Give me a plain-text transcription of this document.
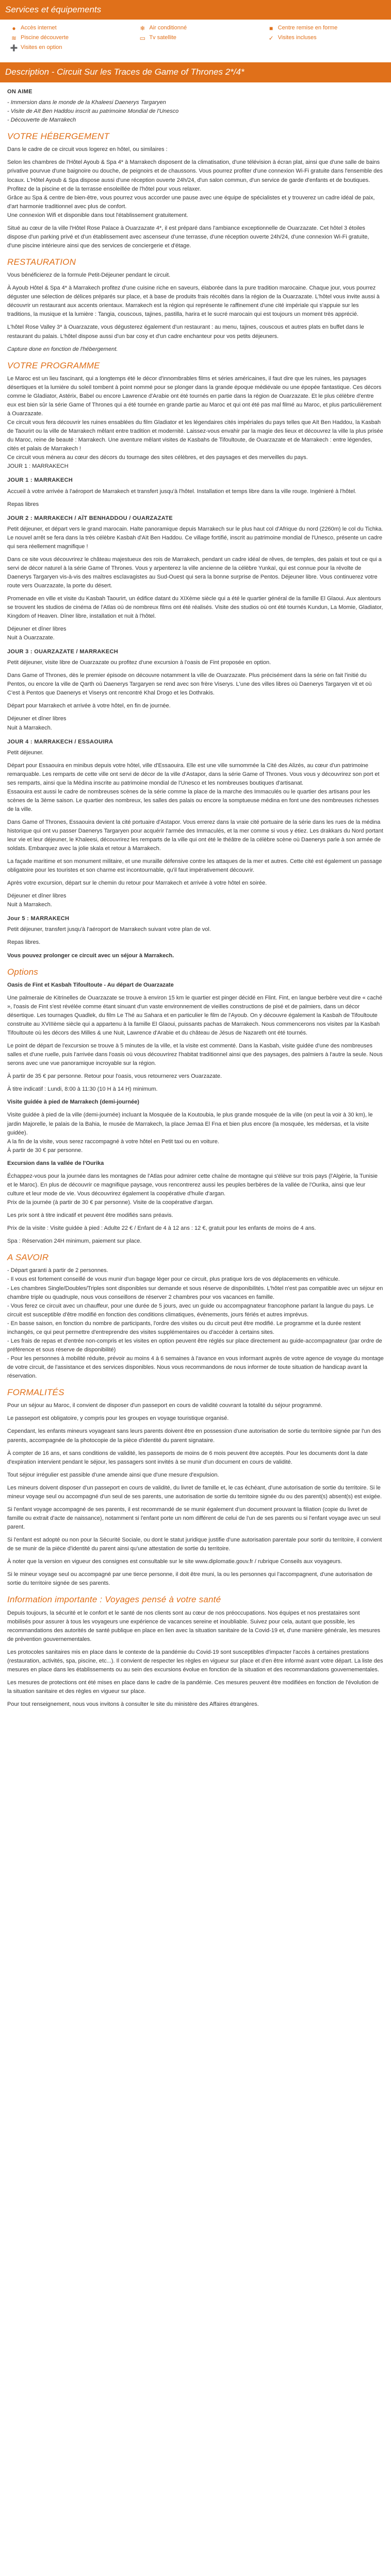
Services et équipements
● Accès internet	❄ Air conditionné	■ Centre remise en forme
≋ Piscine découverte	▭ Tv satellite	✓ Visites incluses
➕ Visites en option
Description - Circuit Sur les Traces de Game of Thrones 2*/4*
ON AIME
- Immersion dans le monde de la Khaleesi Daenerys Targaryen
- Visite de Aït Ben Haddou inscrit au patrimoine Mondial de l'Unesco
- Découverte de Marrakech
VOTRE HÉBERGEMENT

Dans le cadre de ce circuit vous logerez en hôtel, ou similaires :

Selon les chambres de l'Hôtel Ayoub & Spa 4* à Marrakech disposent de la climatisation, d'une télévision à écran plat, ainsi que d'une salle de bains privative pourvue d'une baignoire ou douche, de peignoirs et de chaussons. Vous pourrez profiter d'une connexion Wi-Fi gratuite dans l'ensemble des locaux. L'Hôtel Ayoub & Spa dispose aussi d'une réception ouverte 24h/24, d'un salon commun, d'un service de garde d'enfants et de boutiques.
Profitez de la piscine et de la terrasse ensoleillée de l'hôtel pour vous relaxer.
Grâce au Spa & centre de bien-être, vous pourrez vous accorder une pause avec une équipe de spécialistes et y trouverez un cadre idéal de paix, d'art harmonie traditionnel avec plus de confort.
Une connexion Wifi et disponible dans tout l'établissement gratuitement.

Situé au cœur de la ville l'Hôtel Rose Palace à Ouarzazate 4*, il est préparé dans l'ambiance exceptionnelle de Ouarzazate. Cet hôtel 3 étoiles dispose d'un parking privé et d'un établissement avec ascenseur d'une terrasse, d'une réception ouverte 24h/24, d'une connexion Wi-Fi gratuite, d'une piscine intérieure ainsi que des services de conciergerie et d'étage.

RESTAURATION

Vous bénéficierez de la formule Petit-Déjeuner pendant le circuit.

À Ayoub Hôtel & Spa 4* à Marrakech profitez d'une cuisine riche en saveurs, élaborée dans la pure tradition marocaine. Chaque jour, vous pourrez déguster une sélection de délices préparés sur place, et à base de produits frais récoltés dans la région de la Ouarzazate. L'hôtel vous invite aussi à découvrir un restaurant aux accents orientaux. Marrakech est la région qui représente le raffinement d'une cité impériale qui s'appuie sur les traditions, la musique et la lumière : Tangia, couscous, tajines, pastilla, harira et le sucré marocain qui est toujours un moment très apprécié.

L'hôtel Rose Valley 3* à Ouarzazate, vous dégusterez également d'un restaurant : au menu, tajines, couscous et autres plats en buffet dans le restaurant du palais. L'hôtel dispose aussi d'un bar cosy et d'un cadre enchanteur pour vos petits déjeuners.

Capture done en fonction de l'hébergement.

VOTRE PROGRAMME

Le Maroc est un lieu fascinant, qui a longtemps été le décor d'innombrables films et séries américaines, il faut dire que les ruines, les paysages désertiques et la lumière du soleil tombent à point nommé pour se plonger dans la grande époque médiévale ou une épopée fantastique. Ces décors comme le Gladiator, Astérix, Babel ou encore Lawrence d'Arabie ont été tournés en partie dans la région de Ouarzazate. Et le plus célèbre d'entre eux est bien sûr la série Game of Thrones qui a été tournée en grande partie au Maroc et qui ont été pas mal filmé au Maroc, et plus particulièrement à Ouarzazate.
Ce circuit vous fera découvrir les ruines ensablées du film Gladiator et les légendaires cités impériales du pays telles que Aït Ben Haddou, la Kasbah de Taourirt ou la ville de Marrakech mêlant entre tradition et modernité. Laissez-vous envahir par la magie des lieux et découvrez la ville la plus prisée du Maroc, reine de beauté : Marrakech. Une aventure mêlant visites de Kasbahs de Tifoultoute, de Ouarzazate et de Marrakech : entre légendes, cités et palais de Marrakech !
Ce circuit vous mènera au cœur des décors du tournage des sites célèbres, et des paysages et des merveilles du pays.
JOUR 1 : MARRAKECH

JOUR 1 : MARRAKECH

Accueil à votre arrivée à l'aéroport de Marrakech et transfert jusqu'à l'hôtel. Installation et temps libre dans la ville rouge. Ingénieré à l'hôtel.

Repas libres

JOUR 2 : MARRAKECH / AÏT BENHADDOU / OUARZAZATE

Petit déjeuner, et départ vers le grand marocain. Halte panoramique depuis Marrakech sur le plus haut col d'Afrique du nord (2260m) le col du Tichka. Le nouvel arrêt se fera dans la très célèbre Kasbah d'Aït Ben Haddou. Ce village fortifié, inscrit au patrimoine mondial de l'Unesco, présente un cadre qui sera réellement magnifique !

Dans ce site vous découvrirez le château majestueux des rois de Marrakech, pendant un cadre idéal de rêves, de temples, des palais et tout ce qui a servi de décor naturel à la série Game of Thrones. Vous y arpenterez la ville ancienne de la célèbre Yunkaï, qui est connue pour la révolte de Daenerys Targaryen vis-à-vis des maîtres esclavagistes au Sud-Ouest qui sera la bonne surprise de Pentos. Déjeuner libre. Vous continuerez votre route vers Ouarzazate, la porte du désert.

Promenade en ville et visite du Kasbah Taourirt, un édifice datant du XIXème siècle qui a été le quartier général de la famille El Glaoui. Aux alentours se trouvent les studios de cinéma de l'Atlas où de nombreux films ont été réalisés. Visite des studios où ont été tournés Kundun, La Momie, Gladiator, Kingdom of Heaven. Dîner libre, installation et nuit à l'hôtel.

Déjeuner et dîner libres
Nuit à Ouarzazate.

JOUR 3 : OUARZAZATE / MARRAKECH

Petit déjeuner, visite libre de Ouarzazate ou profitez d'une excursion à l'oasis de Fint proposée en option.

Dans Game of Thrones, dès le premier épisode on découvre notamment la ville de Ouarzazate. Plus précisément dans la série on fait l'initié du Pentos, ou encore la ville de Qarth où Daenerys Targaryen se rend avec son frère Viserys. L'une des villes libres où Daenerys Targaryen vit et où C'est à Pentos que Daenerys et Viserys ont rencontré Khal Drogo et les Dothrakis.

Départ pour Marrakech et arrivée à votre hôtel, en fin de journée.

Déjeuner et dîner libres
Nuit à Marrakech.

JOUR 4 : MARRAKECH / ESSAOUIRA

Petit déjeuner.

Départ pour Essaouira en minibus depuis votre hôtel, ville d'Essaouira. Elle est une ville surnommée la Cité des Alizés, au cœur d'un patrimoine remarquable. Les remparts de cette ville ont servi de décor de la ville d'Astapor, dans la série Game of Thrones. Vous vous y découvrirez son port et ses remparts, ainsi que la Médina inscrite au patrimoine mondial de l'Unesco et les nombreuses boutiques d'artisanat.
Essaouira est aussi le cadre de nombreuses scènes de la série comme la place de la marche des Immaculés ou le quartier des artisans pour les scènes de la 3ème saison. Le quartier des nombreux, les salles des palais ou encore la somptueuse médina en font une des nombreuses richesses de la ville.

Dans Game of Thrones, Essaouira devient la cité portuaire d'Astapor. Vous errerez dans la vraie cité portuaire de la série dans les rues de la médina historique qui ont vu passer Daenerys Targaryen pour acquérir l'armée des Immaculés, et la mer comme si vous y étiez. Les drakkars du Nord portant leur vie et leur déjeuner, le Khaleesi, découvrirez les remparts de la ville qui ont été le théâtre de la célèbre scène où Daenerys parle à son armée de soldats. Embarquez avec la jolie skala et retour à Marrakech.

La façade maritime et son monument militaire, et une muraille défensive contre les attaques de la mer et autres. Cette cité est également un passage obligatoire pour les touristes et son charme est incontournable, qu'il faut impérativement découvrir.

Après votre excursion, départ sur le chemin du retour pour Marrakech et arrivée à votre hôtel en soirée.

Déjeuner et dîner libres
Nuit à Marrakech.

Jour 5 : MARRAKECH

Petit déjeuner, transfert jusqu'à l'aéroport de Marrakech suivant votre plan de vol.

Repas libres.

Vous pouvez prolonger ce circuit avec un séjour à Marrakech.

Options

Oasis de Fint et Kasbah Tifoultoute - Au départ de Ouarzazate

Une palmeraie de Kitrinelles de Ouarzazate se trouve à environ 15 km le quartier est pinger décidé en Flint. Fint, en langue berbère veut dire « caché », l'oasis de Fint s'est révélée comme étant sinuant d'un vaste environnement de vieilles constructions de pisé et de palmiers, dans un décor désertique. Les tournages Quadlek, du film Le Thé au Sahara et en particulier le film de l'Ayoub. On y découvre également la Kasbah de Tifoultoute construite au XVIIIème siècle qui a appartenu à la famille El Glaoui, puissants pachas de Marrakech. Nous commencerons nos visites par la Kasbah Tifoultoute où les décors des Milles & une Nuit, Lawrence d'Arabie et du château de Jésus de Nazareth ont été tournés.

Le point de départ de l'excursion se trouve à 5 minutes de la ville, et la visite est commenté. Dans la Kasbah, visite guidée d'une des nombreuses salles et d'une ruelle, puis l'arrivée dans l'oasis où vous découvrirez l'habitat traditionnel ainsi que des paysages, des palmiers à l'autre la seule. Nous serons avec une vue panoramique incroyable sur la région.

À partir de 35 € par personne. Retour pour l'oasis, vous retournerez vers Ouarzazate.

À titre indicatif : Lundi, 8:00 à 11:30 (10 H à 14 H) minimum.

Visite guidée à pied de Marrakech (demi-journée)

Visite guidée à pied de la ville (demi-journée) incluant la Mosquée de la Koutoubia, le plus grande mosquée de la ville (on peut la voir à 30 km), le jardin Majorelle, le palais de la Bahia, le musée de Marrakech, la place Jemaa El Fna et bien plus encore (la mosquée, les médersas, et la visite guidée).
A la fin de la visite, vous serez raccompagné à votre hôtel en Petit taxi ou en voiture.
À partir de 30 € par personne.

Excursion dans la vallée de l'Ourika

Échappez-vous pour la journée dans les montagnes de l'Atlas pour admirer cette chaîne de montagne qui s'élève sur trois pays (l'Algérie, la Tunisie et le Maroc). En plus de découvrir ce magnifique paysage, vous rencontrerez aussi les peuples berbères de la vallée de l'Ourika, ainsi que leur culture et leur mode de vie. Vous découvrirez également la coopérative d'huile d'argan.
Prix de la journée (à partir de 30 € par personne). Visite de la coopérative d'argan.

Les prix sont à titre indicatif et peuvent être modifiés sans préavis.

Prix de la visite : Visite guidée à pied : Adulte 22 € / Enfant de 4 à 12 ans : 12 €, gratuit pour les enfants de moins de 4 ans.

Spa : Réservation 24H minimum, paiement sur place.

A SAVOIR
- Départ garanti à partir de 2 personnes.
- Il vous est fortement conseillé de vous munir d'un bagage léger pour ce circuit, plus pratique lors de vos déplacements en véhicule.
- Les chambres Single/Doubles/Triples sont disponibles sur demande et sous réserve de disponibilités. L'hôtel n'est pas compatible avec un séjour en chambre triple ou quadruple, nous vous conseillons de réserver 2 chambres pour vos vacances en famille.
- Vous ferez ce circuit avec un chauffeur, pour une durée de 5 jours, avec un guide ou accompagnateur francophone parlant la langue du pays. Le circuit est susceptible d'être modifié en fonction des conditions climatiques, évènements, jours fériés et autres imprévus.
- En basse saison, en fonction du nombre de participants, l'ordre des visites ou du circuit peut être modifié. Le programme et la durée restent inchangés, ce qui peut permettre d'entreprendre des visites supplémentaires ou d'accéder à certains sites.
- Les frais de repas et d'entrée non-compris et les visites en option peuvent être réglés sur place directement au guide-accompagnateur (par ordre de préférence et sous réserve de disponibilité)
- Pour les personnes à mobilité réduite, prévoir au moins 4 à 6 semaines à l'avance en vous informant auprès de votre agence de voyage du montage de votre circuit, de l'assistance et des services disponibles. Nous vous recommandons de nous informer de toute situation de handicap avant la réservation.
FORMALITÉS

Pour un séjour au Maroc, il convient de disposer d'un passeport en cours de validité couvrant la totalité du séjour programmé.

Le passeport est obligatoire, y compris pour les groupes en voyage touristique organisé.

Cependant, les enfants mineurs voyageant sans leurs parents doivent être en possession d'une autorisation de sortie du territoire signée par l'un des parents, accompagnée de la photocopie de la pièce d'identité du parent signataire.

À compter de 16 ans, et sans conditions de validité, les passeports de moins de 6 mois peuvent être acceptés. Pour les documents dont la date d'expiration intervient pendant le séjour, les passagers sont invités à se munir d'un document en cours de validité.

Tout séjour irrégulier est passible d'une amende ainsi que d'une mesure d'expulsion.

Les mineurs doivent disposer d'un passeport en cours de validité, du livret de famille et, le cas échéant, d'une autorisation de sortie du territoire. Si le mineur voyage seul ou accompagné d'un seul de ses parents, une autorisation de sortie du territoire signée du ou des parent(s) absent(s) est exigée.

Si l'enfant voyage accompagné de ses parents, il est recommandé de se munir également d'un document prouvant la filiation (copie du livret de famille ou extrait d'acte de naissance), notamment si l'enfant porte un nom différent de celui de l'un de ses parents ou si l'enfant voyage avec un seul parent.

Si l'enfant est adopté ou non pour la Sécurité Sociale, ou dont le statut juridique justifie d'une autorisation parentale pour sortir du territoire, il convient de se munir de la pièce d'identité du parent ainsi qu'une attestation de sortie du territoire.

À noter que la version en vigueur des consignes est consultable sur le site www.diplomatie.gouv.fr / rubrique Conseils aux voyageurs.

Si le mineur voyage seul ou accompagné par une tierce personne, il doit être muni, la ou les personnes qui l'accompagnent, d'une autorisation de sortie du territoire signée de ses parents.

Information importante : Voyages pensé à votre santé

Depuis toujours, la sécurité et le confort et le santé de nos clients sont au cœur de nos préoccupations. Nos équipes et nos prestataires sont mobilisés pour assurer à tous les voyageurs une expérience de vacances sereine et inoubliable. Suivez pour cela, autant que possible, les recommandations des autorités de santé publique en place en lien avec la situation sanitaire de la Covid-19 et, d'une manière générale, les mesures de prévention gouvernementales.

Les protocoles sanitaires mis en place dans le contexte de la pandémie du Covid-19 sont susceptibles d'impacter l'accès à certaines prestations (restauration, activités, spa, piscine, etc...). Il convient de respecter les règles en vigueur sur place et d'en être informé avant votre départ. La liste des mesures en place dans les établissements ou au sein des excursions évolue en fonction de la situation et des recommandations gouvernementales.

Les mesures de protections ont été mises en place dans le cadre de la pandémie. Ces mesures peuvent être modifiées en fonction de l'évolution de la situation sanitaire et des règles en vigueur sur place.

Pour tout renseignement, nous vous invitons à consulter le site du ministère des Affaires étrangères.
